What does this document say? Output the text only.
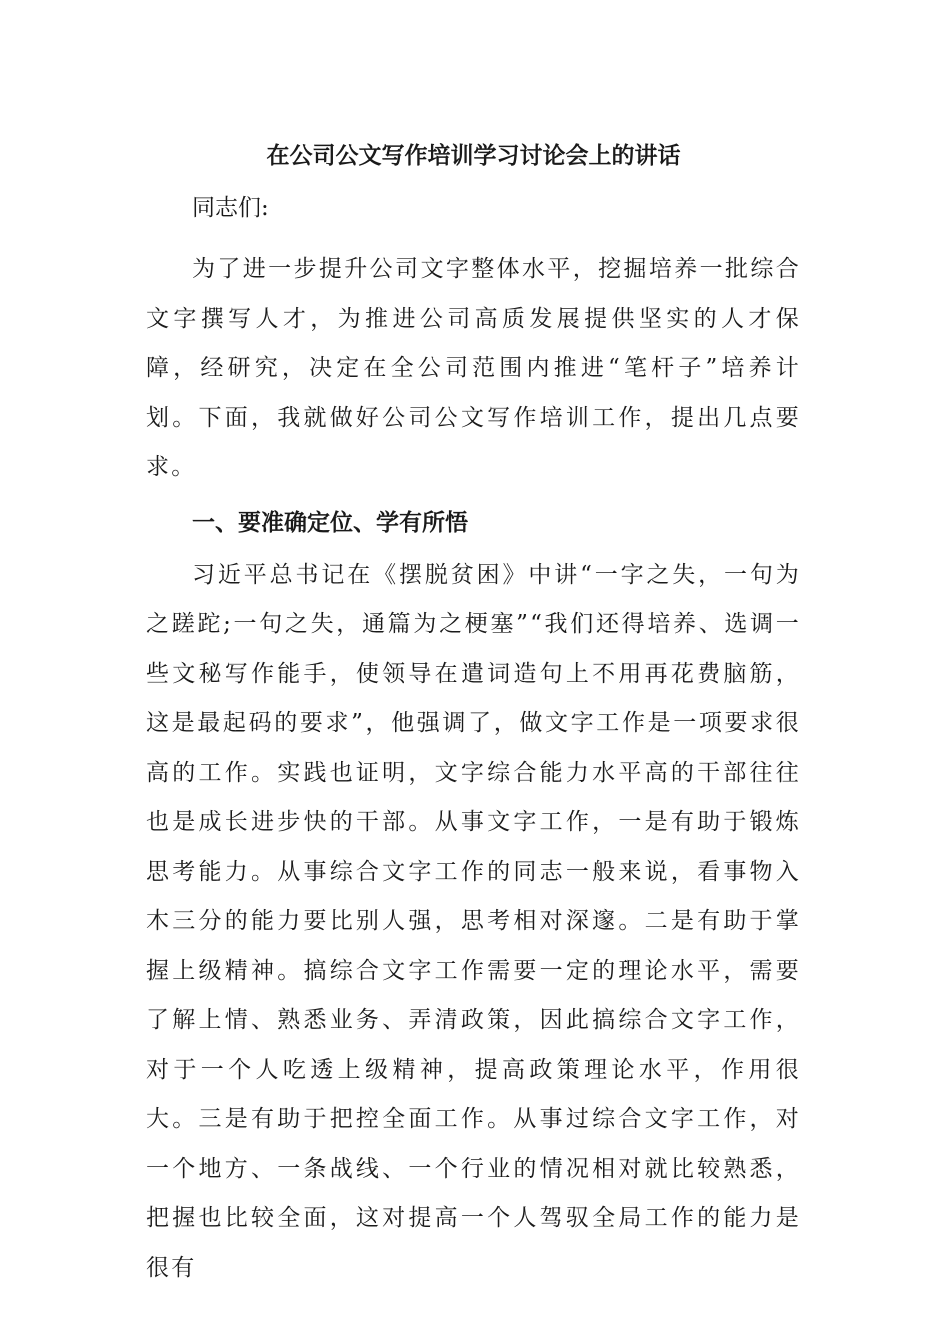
在公司公文写作培训学习讨论会上的讲话

同志们:

为了进一步提升公司文字整体水平，挖掘培养一批综合文字撰写人才，为推进公司高质发展提供坚实的人才保障，经研究，决定在全公司范围内推进“笔杆子”培养计划。下面，我就做好公司公文写作培训工作，提出几点要求。

一、要准确定位、学有所悟

习近平总书记在《摆脱贫困》中讲“一字之失，一句为之蹉跎;一句之失，通篇为之梗塞”“我们还得培养、选调一些文秘写作能手，使领导在遣词造句上不用再花费脑筋，这是最起码的要求”，他强调了，做文字工作是一项要求很高的工作。实践也证明，文字综合能力水平高的干部往往也是成长进步快的干部。从事文字工作，一是有助于锻炼思考能力。从事综合文字工作的同志一般来说，看事物入木三分的能力要比别人强，思考相对深邃。二是有助于掌握上级精神。搞综合文字工作需要一定的理论水平，需要了解上情、熟悉业务、弄清政策，因此搞综合文字工作，对于一个人吃透上级精神，提高政策理论水平，作用很大。三是有助于把控全面工作。从事过综合文字工作，对一个地方、一条战线、一个行业的情况相对就比较熟悉，把握也比较全面，这对提高一个人驾驭全局工作的能力是很有
